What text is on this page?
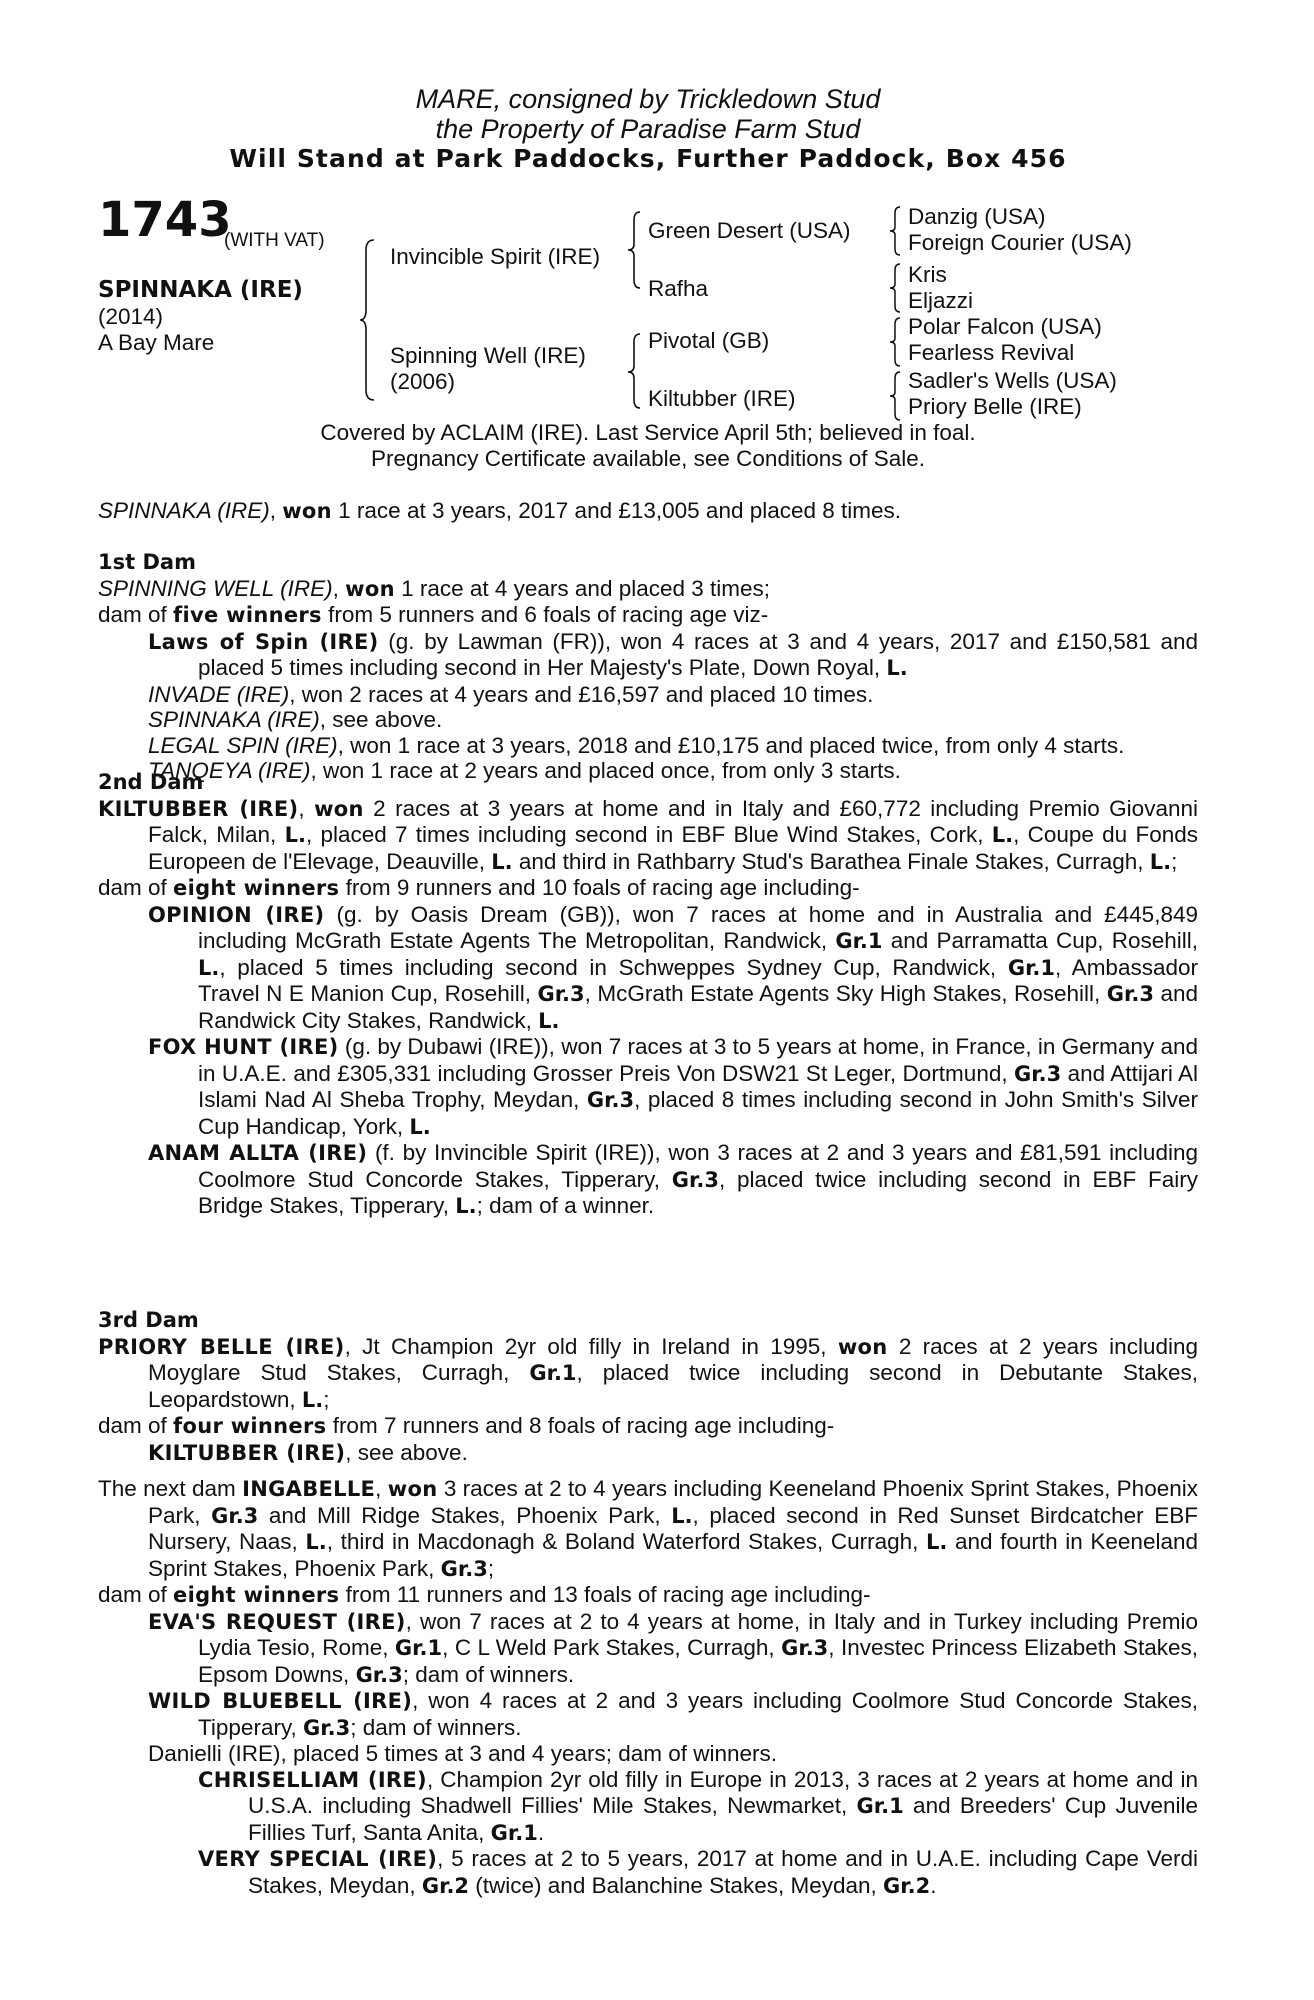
MARE, consigned by Trickledown Stud
the Property of Paradise Farm Stud
Will Stand at Park Paddocks, Further Paddock, Box 456
1743
(WITH VAT)
SPINNAKA (IRE)
(2014)
A Bay Mare
Invincible Spirit (IRE)
Spinning Well (IRE)
(2006)
Green Desert (USA)
Rafha
Pivotal (GB)
Kiltubber (IRE)
Danzig (USA)
Foreign Courier (USA)
Kris
Eljazzi
Polar Falcon (USA)
Fearless Revival
Sadler's Wells (USA)
Priory Belle (IRE)
Covered by ACLAIM (IRE). Last Service April 5th; believed in foal.
Pregnancy Certificate available, see Conditions of Sale.
SPINNAKA (IRE), won 1 race at 3 years, 2017 and £13,005 and placed 8 times.
1st Dam
SPINNING WELL (IRE), won 1 race at 4 years and placed 3 times;
dam of five winners from 5 runners and 6 foals of racing age viz-
Laws of Spin (IRE) (g. by Lawman (FR)), won 4 races at 3 and 4 years, 2017 and £150,581 and placed 5 times including second in Her Majesty's Plate, Down Royal, L.
INVADE (IRE), won 2 races at 4 years and £16,597 and placed 10 times.
SPINNAKA (IRE), see above.
LEGAL SPIN (IRE), won 1 race at 3 years, 2018 and £10,175 and placed twice, from only 4 starts.
TANQEYA (IRE), won 1 race at 2 years and placed once, from only 3 starts.
2nd Dam
KILTUBBER (IRE), won 2 races at 3 years at home and in Italy and £60,772 including Premio Giovanni Falck, Milan, L., placed 7 times including second in EBF Blue Wind Stakes, Cork, L., Coupe du Fonds Europeen de l'Elevage, Deauville, L. and third in Rathbarry Stud's Barathea Finale Stakes, Curragh, L.;
dam of eight winners from 9 runners and 10 foals of racing age including-
OPINION (IRE) (g. by Oasis Dream (GB)), won 7 races at home and in Australia and £445,849 including McGrath Estate Agents The Metropolitan, Randwick, Gr.1 and Parramatta Cup, Rosehill, L., placed 5 times including second in Schweppes Sydney Cup, Randwick, Gr.1, Ambassador Travel N E Manion Cup, Rosehill, Gr.3, McGrath Estate Agents Sky High Stakes, Rosehill, Gr.3 and Randwick City Stakes, Randwick, L.
FOX HUNT (IRE) (g. by Dubawi (IRE)), won 7 races at 3 to 5 years at home, in France, in Germany and in U.A.E. and £305,331 including Grosser Preis Von DSW21 St Leger, Dortmund, Gr.3 and Attijari Al Islami Nad Al Sheba Trophy, Meydan, Gr.3, placed 8 times including second in John Smith's Silver Cup Handicap, York, L.
ANAM ALLTA (IRE) (f. by Invincible Spirit (IRE)), won 3 races at 2 and 3 years and £81,591 including Coolmore Stud Concorde Stakes, Tipperary, Gr.3, placed twice including second in EBF Fairy Bridge Stakes, Tipperary, L.; dam of a winner.
3rd Dam
PRIORY BELLE (IRE), Jt Champion 2yr old filly in Ireland in 1995, won 2 races at 2 years including Moyglare Stud Stakes, Curragh, Gr.1, placed twice including second in Debutante Stakes, Leopardstown, L.;
dam of four winners from 7 runners and 8 foals of racing age including-
KILTUBBER (IRE), see above.
The next dam INGABELLE, won 3 races at 2 to 4 years including Keeneland Phoenix Sprint Stakes, Phoenix Park, Gr.3 and Mill Ridge Stakes, Phoenix Park, L., placed second in Red Sunset Birdcatcher EBF Nursery, Naas, L., third in Macdonagh & Boland Waterford Stakes, Curragh, L. and fourth in Keeneland Sprint Stakes, Phoenix Park, Gr.3;
dam of eight winners from 11 runners and 13 foals of racing age including-
EVA'S REQUEST (IRE), won 7 races at 2 to 4 years at home, in Italy and in Turkey including Premio Lydia Tesio, Rome, Gr.1, C L Weld Park Stakes, Curragh, Gr.3, Investec Princess Elizabeth Stakes, Epsom Downs, Gr.3; dam of winners.
WILD BLUEBELL (IRE), won 4 races at 2 and 3 years including Coolmore Stud Concorde Stakes, Tipperary, Gr.3; dam of winners.
Danielli (IRE), placed 5 times at 3 and 4 years; dam of winners.
CHRISELLIAM (IRE), Champion 2yr old filly in Europe in 2013, 3 races at 2 years at home and in U.S.A. including Shadwell Fillies' Mile Stakes, Newmarket, Gr.1 and Breeders' Cup Juvenile Fillies Turf, Santa Anita, Gr.1.
VERY SPECIAL (IRE), 5 races at 2 to 5 years, 2017 at home and in U.A.E. including Cape Verdi Stakes, Meydan, Gr.2 (twice) and Balanchine Stakes, Meydan, Gr.2.
